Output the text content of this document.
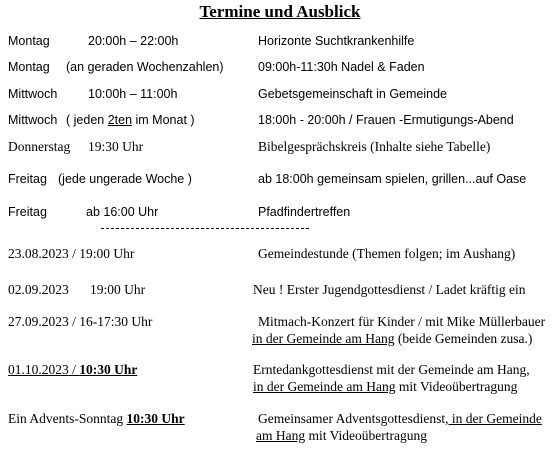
Termine und Ausblick
Montag	20:00h – 22:00h	Horizonte Suchtkrankenhilfe
Montag (an geraden Wochenzahlen)	09:00h-11:30h Nadel & Faden
Mittwoch 10:00h – 11:00h	Gebetsgemeinschaft in Gemeinde
Mittwoch ( jeden 2ten im Monat )	18:00h - 20:00h / Frauen -Ermutigungs-Abend
Donnerstag 19:30 Uhr	Bibelgesprächskreis (Inhalte siehe Tabelle)
Freitag (jede ungerade Woche )	ab 18:00h gemeinsam spielen, grillen...auf Oase
Freitag	ab 16:00 Uhr	Pfadfindertreffen
23.08.2023 / 19:00 Uhr	Gemeindestunde (Themen folgen; im Aushang)
02.09.2023 19:00 Uhr	Neu ! Erster Jugendgottesdienst / Ladet kräftig ein
27.09.2023 / 16-17:30 Uhr	Mitmach-Konzert für Kinder / mit Mike Müllerbauer
in der Gemeinde am Hang (beide Gemeinden zusa.)
01.10.2023 / 10:30 Uhr	Erntedankgottesdienst mit der Gemeinde am Hang,
in der Gemeinde am Hang mit Videoübertragung
Ein Advents-Sonntag 10:30 Uhr	Gemeinsamer Adventsgottesdienst, in der Gemeinde
am Hang mit Videoübertragung
